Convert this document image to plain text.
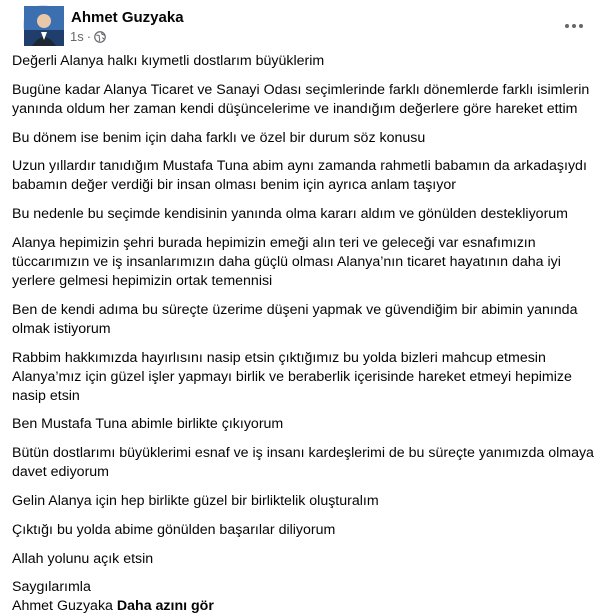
Ahmet Guzyaka
1s ·

Değerli Alanya halkı kıymetli dostlarım büyüklerim

Bugüne kadar Alanya Ticaret ve Sanayi Odası seçimlerinde farklı dönemlerde farklı isimlerin yanında oldum her zaman kendi düşüncelerime ve inandığım değerlere göre hareket ettim

Bu dönem ise benim için daha farklı ve özel bir durum söz konusu

Uzun yıllardır tanıdığım Mustafa Tuna abim aynı zamanda rahmetli babamın da arkadaşıydı babamın değer verdiği bir insan olması benim için ayrıca anlam taşıyor

Bu nedenle bu seçimde kendisinin yanında olma kararı aldım ve gönülden destekliyorum

Alanya hepimizin şehri burada hepimizin emeği alın teri ve geleceği var esnafımızın tüccarımızın ve iş insanlarımızın daha güçlü olması Alanya’nın ticaret hayatının daha iyi yerlere gelmesi hepimizin ortak temennisi

Ben de kendi adıma bu süreçte üzerime düşeni yapmak ve güvendiğim bir abimin yanında olmak istiyorum

Rabbim hakkımızda hayırlısını nasip etsin çıktığımız bu yolda bizleri mahcup etmesin Alanya’mız için güzel işler yapmayı birlik ve beraberlik içerisinde hareket etmeyi hepimize nasip etsin

Ben Mustafa Tuna abimle birlikte çıkıyorum

Bütün dostlarımı büyüklerimi esnaf ve iş insanı kardeşlerimi de bu süreçte yanımızda olmaya davet ediyorum

Gelin Alanya için hep birlikte güzel bir birliktelik oluşturalım

Çıktığı bu yolda abime gönülden başarılar diliyorum

Allah yolunu açık etsin

Saygılarımla

Ahmet Guzyaka Daha azını gör
